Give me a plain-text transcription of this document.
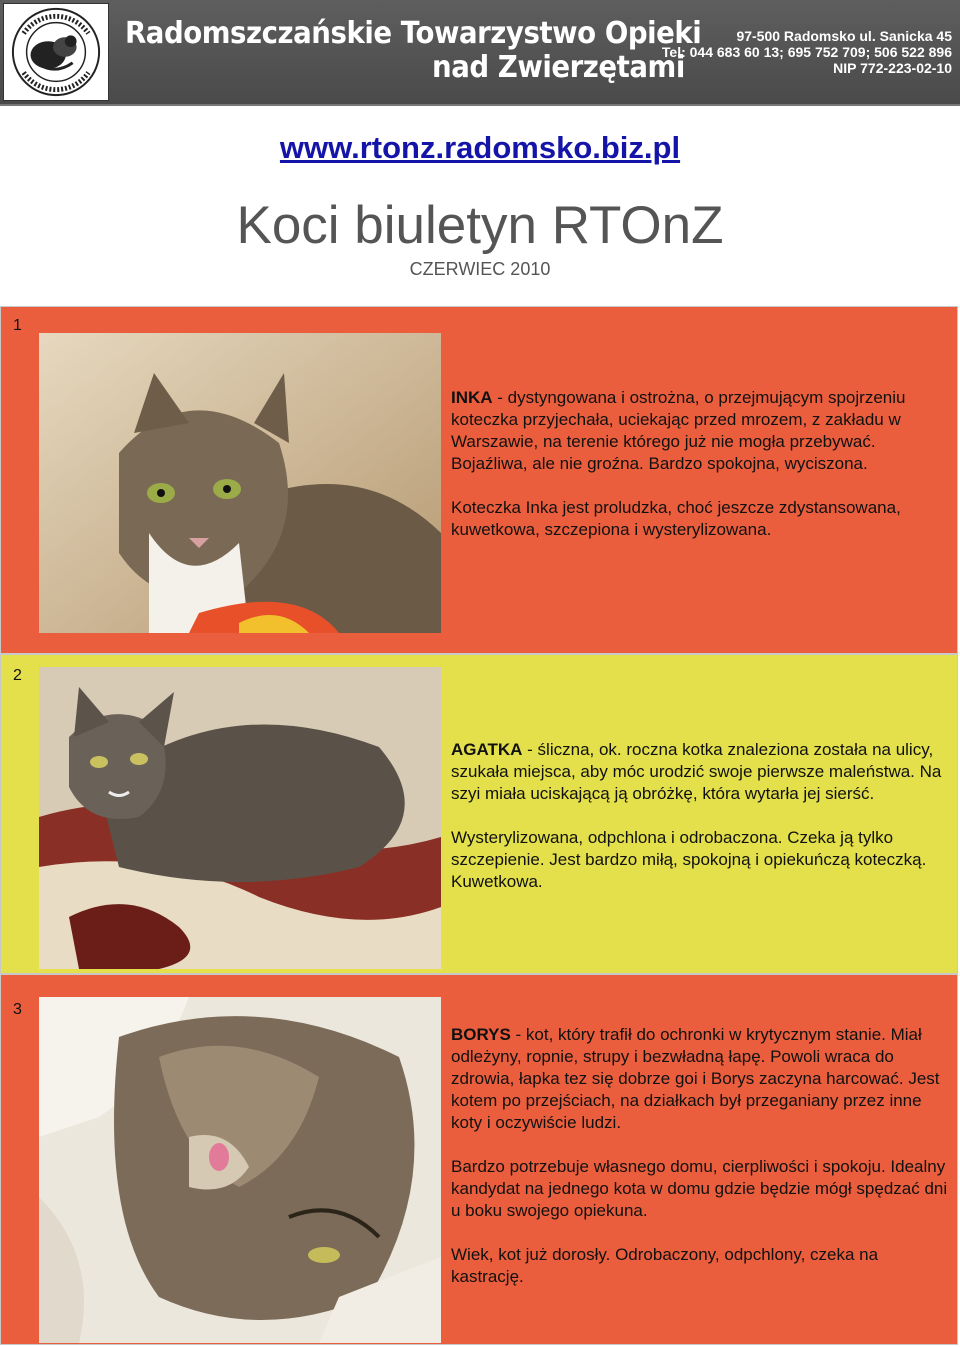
Radomszczańskie Towarzystwo Opieki
nad Zwierzętami
97-500 Radomsko ul. Sanicka 45
Tel: 044 683 60 13; 695 752 709; 506 522 896
NIP 772-223-02-10
www.rtonz.radomsko.biz.pl
Koci biuletyn RTOnZ
CZERWIEC 2010
1

INKA - dystyngowana i ostrożna, o przejmującym spojrzeniu koteczka przyjechała, uciekając przed mrozem, z zakładu w Warszawie, na terenie którego już nie mogła przebywać. Bojaźliwa, ale nie groźna. Bardzo spokojna, wyciszona.

Koteczka Inka jest proludzka, choć jeszcze zdystansowana, kuwetkowa, szczepiona i wysterylizowana.

2

AGATKA - śliczna, ok. roczna kotka znaleziona została na ulicy, szukała miejsca, aby móc urodzić swoje pierwsze maleństwa. Na szyi miała uciskającą ją obróżkę, która wytarła jej sierść.

Wysterylizowana, odpchlona i odrobaczona. Czeka ją tylko szczepienie. Jest bardzo miłą, spokojną i opiekuńczą koteczką. Kuwetkowa.

3

BORYS - kot, który trafił do ochronki w krytycznym stanie. Miał odleżyny, ropnie, strupy i bezwładną łapę. Powoli wraca do zdrowia, łapka tez się dobrze goi i Borys zaczyna harcować. Jest kotem po przejściach, na działkach był przeganiany przez inne koty i oczywiście ludzi.

Bardzo potrzebuje własnego domu, cierpliwości i spokoju. Idealny kandydat na jednego kota w domu gdzie będzie mógł spędzać dni u boku swojego opiekuna.

Wiek, kot już dorosły. Odrobaczony, odpchlony, czeka na kastrację.
